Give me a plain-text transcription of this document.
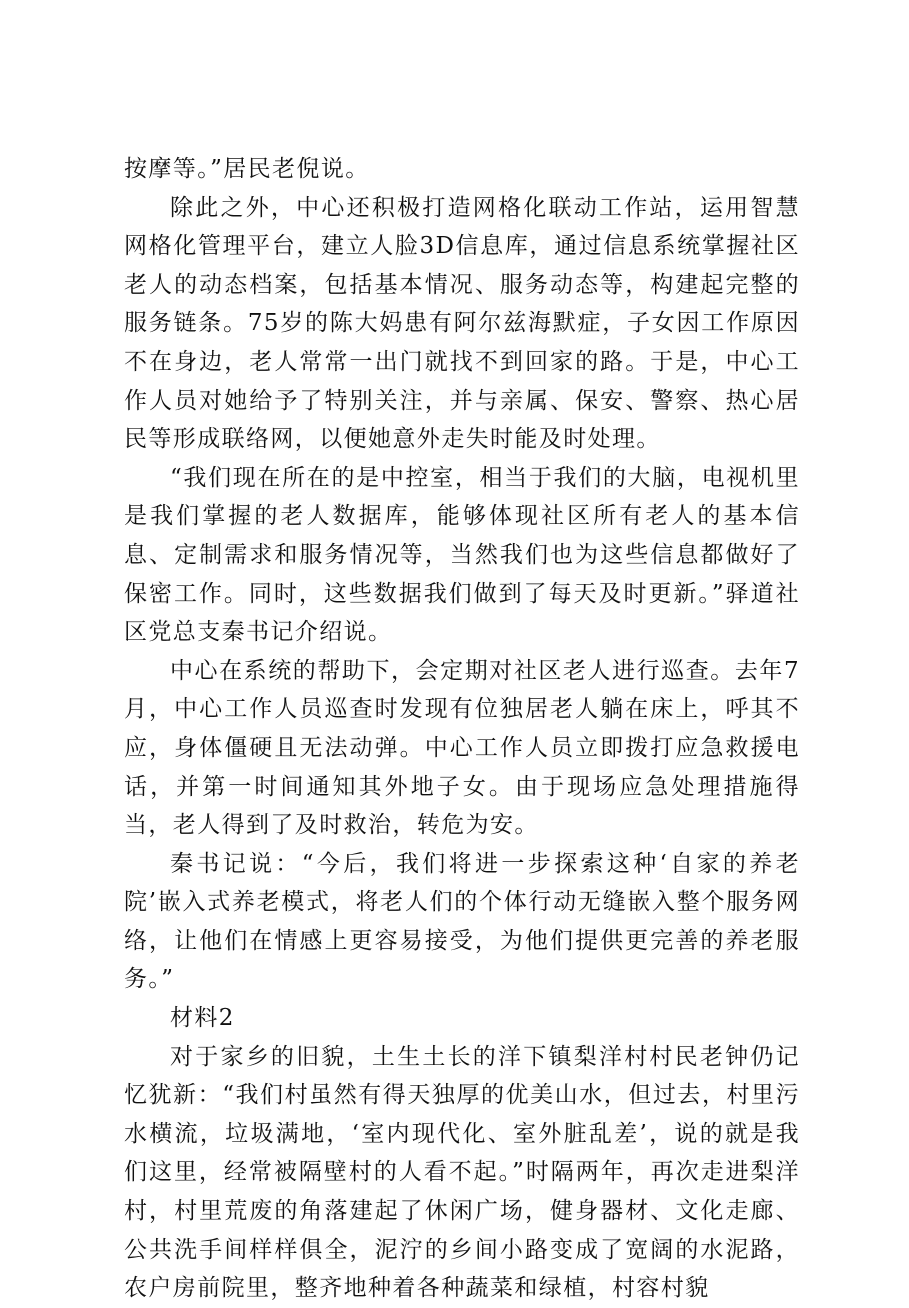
按摩等。”居民老倪说。

除此之外，中心还积极打造网格化联动工作站，运用智慧网格化管理平台，建立人脸3D信息库，通过信息系统掌握社区老人的动态档案，包括基本情况、服务动态等，构建起完整的服务链条。75岁的陈大妈患有阿尔兹海默症，子女因工作原因不在身边，老人常常一出门就找不到回家的路。于是，中心工作人员对她给予了特别关注，并与亲属、保安、警察、热心居民等形成联络网，以便她意外走失时能及时处理。

“我们现在所在的是中控室，相当于我们的大脑，电视机里是我们掌握的老人数据库，能够体现社区所有老人的基本信息、定制需求和服务情况等，当然我们也为这些信息都做好了保密工作。同时，这些数据我们做到了每天及时更新。”驿道社区党总支秦书记介绍说。

中心在系统的帮助下，会定期对社区老人进行巡查。去年7月，中心工作人员巡查时发现有位独居老人躺在床上，呼其不应，身体僵硬且无法动弹。中心工作人员立即拨打应急救援电话，并第一时间通知其外地子女。由于现场应急处理措施得当，老人得到了及时救治，转危为安。

秦书记说：“今后，我们将进一步探索这种‘自家的养老院’嵌入式养老模式，将老人们的个体行动无缝嵌入整个服务网络，让他们在情感上更容易接受，为他们提供更完善的养老服务。”

材料2

对于家乡的旧貌，土生土长的洋下镇梨洋村村民老钟仍记忆犹新：“我们村虽然有得天独厚的优美山水，但过去，村里污水横流，垃圾满地，‘室内现代化、室外脏乱差’，说的就是我们这里，经常被隔壁村的人看不起。”时隔两年，再次走进梨洋村，村里荒废的角落建起了休闲广场，健身器材、文化走廊、公共洗手间样样俱全，泥泞的乡间小路变成了宽阔的水泥路，农户房前院里，整齐地种着各种蔬菜和绿植，村容村貌
